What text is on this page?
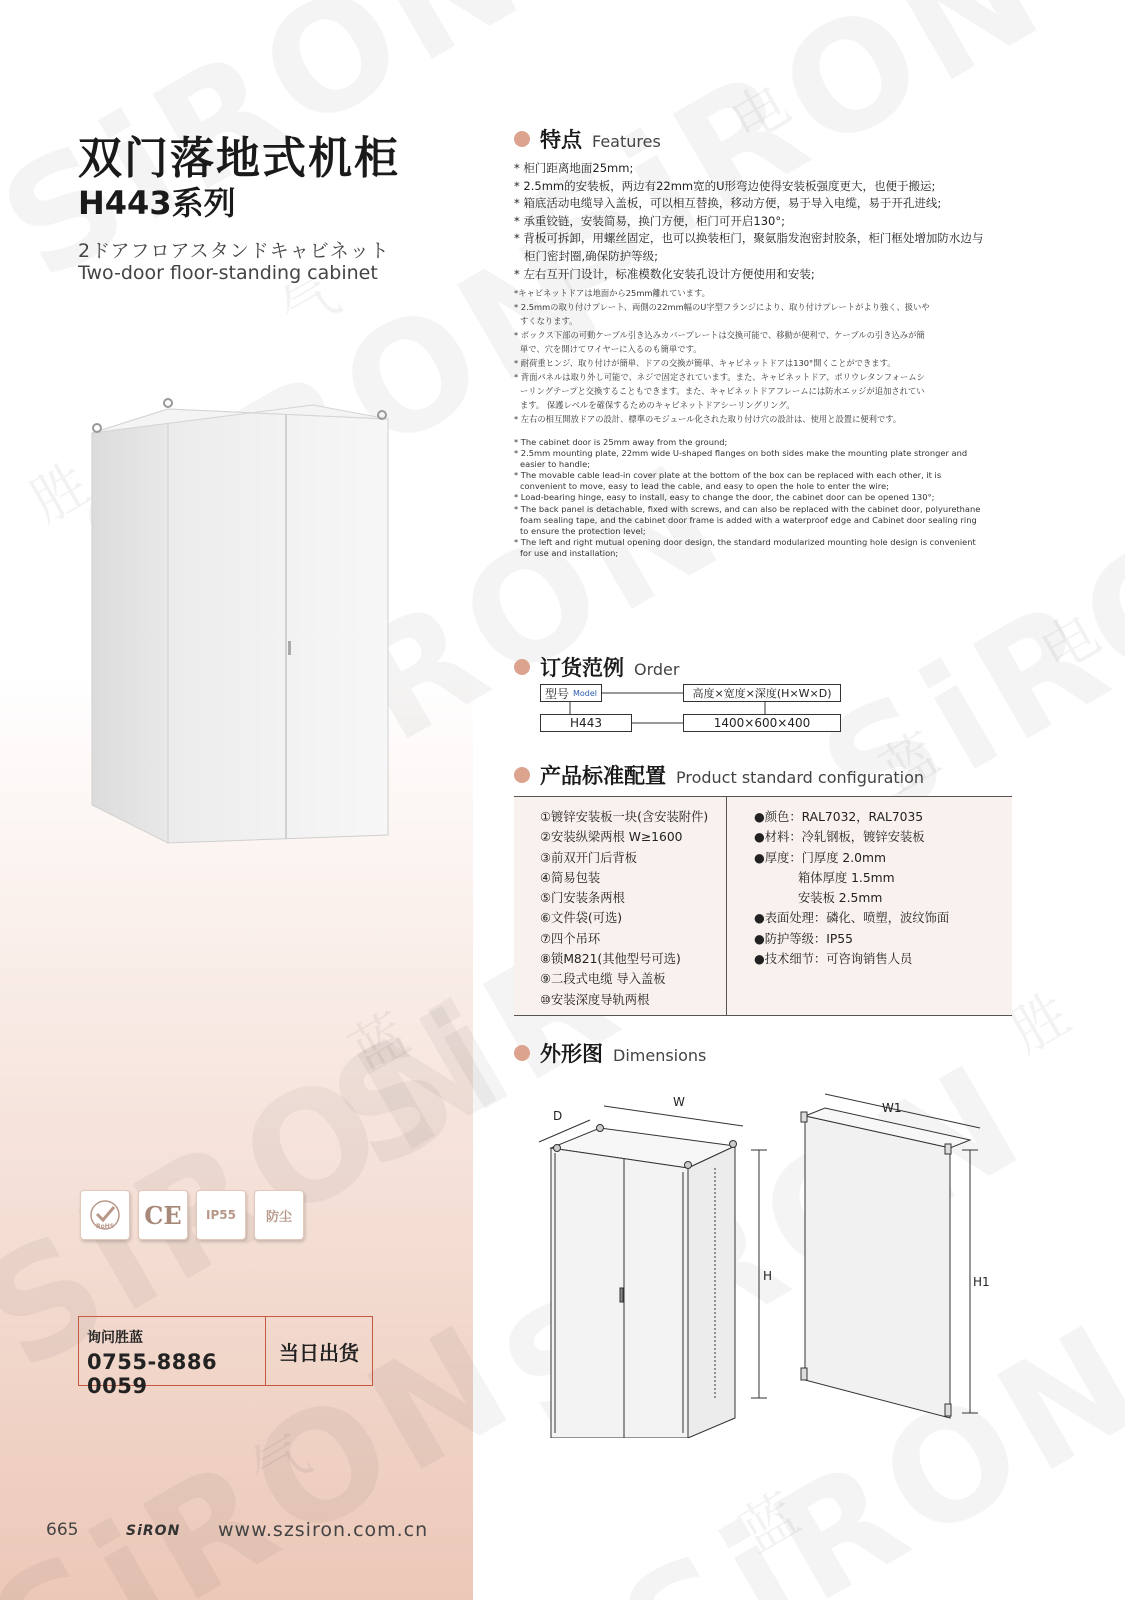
电
电
蓝
胜
蓝
双门落地式机柜
H443系列
2ドアフロアスタンドキャビネット
Two-door floor-standing cabinet
RoHS CE	IP55	防尘
询问胜蓝
0755-8886 0059
当日出货
665	SiRON www.szsiron.com.cn
特点 Features
* 柜门距离地面25mm;
* 2.5mm的安装板，两边有22mm宽的U形弯边使得安装板强度更大，也便于搬运;
* 箱底活动电缆导入盖板，可以相互替换，移动方便，易于导入电缆，易于开孔进线;
* 承重铰链，安装简易，换门方便，柜门可开启130°;
* 背板可拆卸，用螺丝固定，也可以换装柜门，聚氨脂发泡密封胶条，柜门框处增加防水边与
柜门密封圈,确保防护等级;
* 左右互开门设计，标准模数化安装孔设计方便使用和安装;
*キャビネットドアは地面から25mm離れています。
* 2.5mmの取り付けプレート、両側の22mm幅のU字型フランジにより、取り付けプレートがより強く、扱いや
すくなります。
* ボックス下部の可動ケーブル引き込みカバープレートは交換可能で、移動が便利で、ケーブルの引き込みが簡
単で、穴を開けてワイヤーに入るのも簡単です。
* 耐荷重ヒンジ、取り付けが簡単、ドアの交換が簡単、キャビネットドアは130°開くことができます。
* 背面パネルは取り外し可能で、ネジで固定されています。また、キャビネットドア、ポリウレタンフォームシ
ーリングテープと交換することもできます。また、キャビネットドアフレームには防水エッジが追加されてい
ます。 保護レベルを確保するためのキャビネットドアシーリングリング。
* 左右の相互開放ドアの設計、標準のモジュール化された取り付け穴の設計は、使用と設置に便利です。
* The cabinet door is 25mm away from the ground;
* 2.5mm mounting plate, 22mm wide U-shaped flanges on both sides make the mounting plate stronger and
easier to handle;
* The movable cable lead-in cover plate at the bottom of the box can be replaced with each other, it is
convenient to move, easy to lead the cable, and easy to open the hole to enter the wire;
* Load-bearing hinge, easy to install, easy to change the door, the cabinet door can be opened 130°;
* The back panel is detachable, fixed with screws, and can also be replaced with the cabinet door, polyurethane
foam sealing tape, and the cabinet door frame is added with a waterproof edge and Cabinet door sealing ring
to ensure the protection level;
* The left and right mutual opening door design, the standard modularized mounting hole design is convenient
for use and installation;
订货范例 Order
型号 Model	高度×宽度×深度(H×W×D)
H443	1400×600×400
产品标准配置 Product standard configuration
①镀锌安装板一块(含安装附件)
②安装纵梁两根 W≥1600
③前双开门后背板
④简易包装
⑤门安装条两根
⑥文件袋(可选)
⑦四个吊环
⑧锁M821(其他型号可选)
⑨二段式电缆 导入盖板
⑩安装深度导轨两根
●颜色：RAL7032，RAL7035
●材料：冷轧钢板，镀锌安装板
●厚度：门厚度 2.0mm
箱体厚度 1.5mm
安装板 2.5mm
●表面处理：磷化、喷塑，波纹饰面
●防护等级：IP55
●技术细节：可咨询销售人员
外形图 Dimensions
D
W
H
W1
H1
